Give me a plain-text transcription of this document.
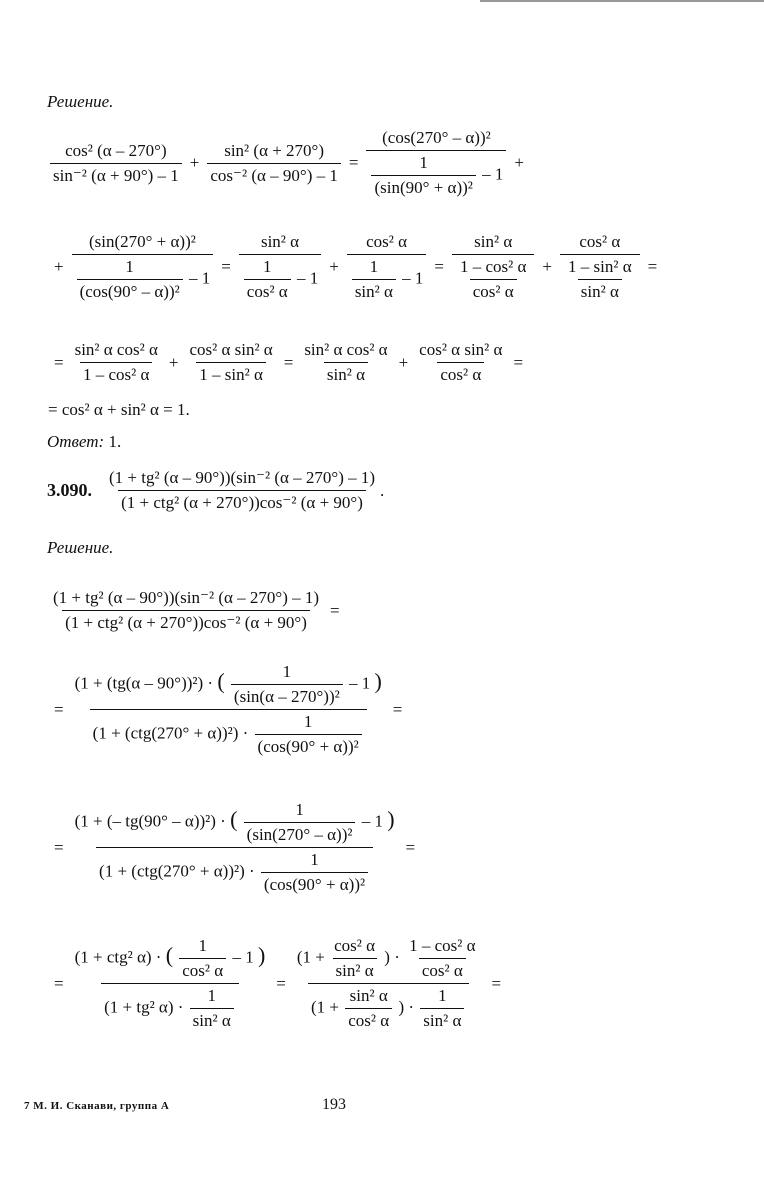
Решение.
$\frac{\text{cos² (α – 270°)}}{\text{sin⁻² (α + 90°) – 1}} + \frac{\text{sin² (α + 270°)}}{\text{cos⁻² (α – 90°) – 1}} = \frac{\text{(cos(270° – α))²}}{\frac{1}{\text{(sin(90° + α))²}} - 1}$ +
+ $\frac{\text{(sin(270° + α))²}}{\frac{1}{\text{(cos(90° – α))²}} - 1} = \frac{\text{sin² α}}{\frac{1}{\text{cos² α}} - 1} + \frac{\text{cos² α}}{\frac{1}{\text{sin² α}} - 1} = \frac{\text{sin² α}}{\frac{\text{1 – cos² α}}{\text{cos² α}}} + \frac{\text{cos² α}}{\frac{\text{1 – sin² α}}{\text{sin² α}}}$ =
= $\frac{\text{sin² α cos² α}}{\text{1 – cos² α}} + \frac{\text{cos² α sin² α}}{\text{1 – sin² α}} = \frac{\text{sin² α cos² α}}{\text{sin² α}} + \frac{\text{cos² α sin² α}}{\text{cos² α}}$ =
= cos² α + sin² α = 1.
Ответ: 1.
3.090. $\frac{\text{(1 + tg² (α – 90°))(sin⁻² (α – 270°) – 1)}}{\text{(1 + ctg² (α + 270°))cos⁻² (α + 90°)}}$ .
Решение.
$\frac{\text{(1 + tg² (α – 90°))(sin⁻² (α – 270°) – 1)}}{\text{(1 + ctg² (α + 270°))cos⁻² (α + 90°)}}$ =
=
(1 + (tg(α – 90°))²) · ( $\frac{1}{\text{(sin(α – 270°))²}} - 1$ )
$(1 + (ctg(270^\circ + \alpha))^2) \cdot \frac{1}{\text{(cos(90° + α))²}}$
=
=
(1 + (– tg(90° – α))²) · ( $\frac{1}{\text{(sin(270° – α))²}} - 1$ )
$(1 + (ctg(270^\circ + \alpha))^2) \cdot \frac{1}{\text{(cos(90° + α))²}}$
=
=
(1 + ctg² α) · ( $\frac{1}{\text{cos² α}} - 1$ )
(1 + tg² $\alpha) \cdot \frac{1}{\text{sin² α}}$
=
($1 + \frac{\text{cos² α}}{\text{sin² α}}$ ) · $\frac{\text{1 – cos² α}}{\text{cos² α}}$
($1 + \frac{\text{sin² α}}{\text{cos² α}}$ ) · $\frac{1}{\text{sin² α}}$
=
7 М. И. Сканави, группа А	193
